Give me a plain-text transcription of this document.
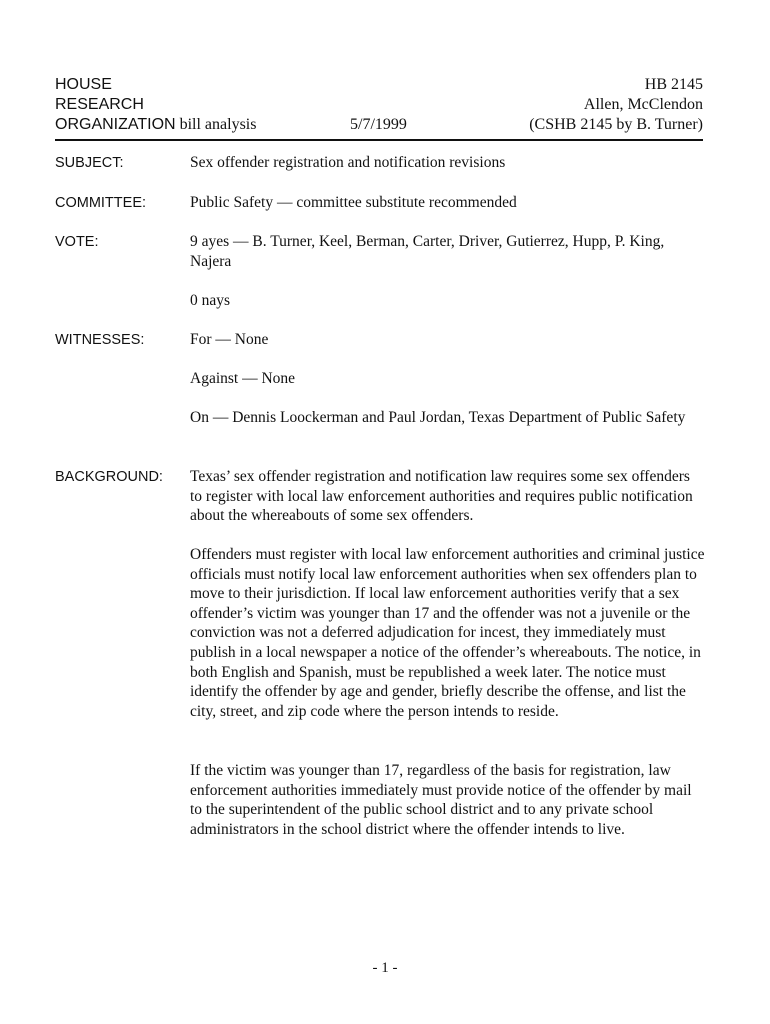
HOUSE
RESEARCH
ORGANIZATION bill analysis	5/7/1999
HB 2145
Allen, McClendon
(CSHB 2145 by B. Turner)
SUBJECT:	Sex offender registration and notification revisions
COMMITTEE:	Public Safety — committee substitute recommended
VOTE:	9 ayes — B. Turner, Keel, Berman, Carter, Driver, Gutierrez, Hupp, P. King, Najera
0 nays
WITNESSES:	For — None
Against — None
On — Dennis Loockerman and Paul Jordan, Texas Department of Public Safety
BACKGROUND: Texas’ sex offender registration and notification law requires some sex offenders to register with local law enforcement authorities and requires public notification about the whereabouts of some sex offenders.
Offenders must register with local law enforcement authorities and criminal justice officials must notify local law enforcement authorities when sex offenders plan to move to their jurisdiction. If local law enforcement authorities verify that a sex offender’s victim was younger than 17 and the offender was not a juvenile or the conviction was not a deferred adjudication for incest, they immediately must publish in a local newspaper a notice of the offender’s whereabouts. The notice, in both English and Spanish, must be republished a week later. The notice must identify the offender by age and gender, briefly describe the offense, and list the city, street, and zip code where the person intends to reside.
If the victim was younger than 17, regardless of the basis for registration, law enforcement authorities immediately must provide notice of the offender by mail to the superintendent of the public school district and to any private school administrators in the school district where the offender intends to live.
- 1 -
